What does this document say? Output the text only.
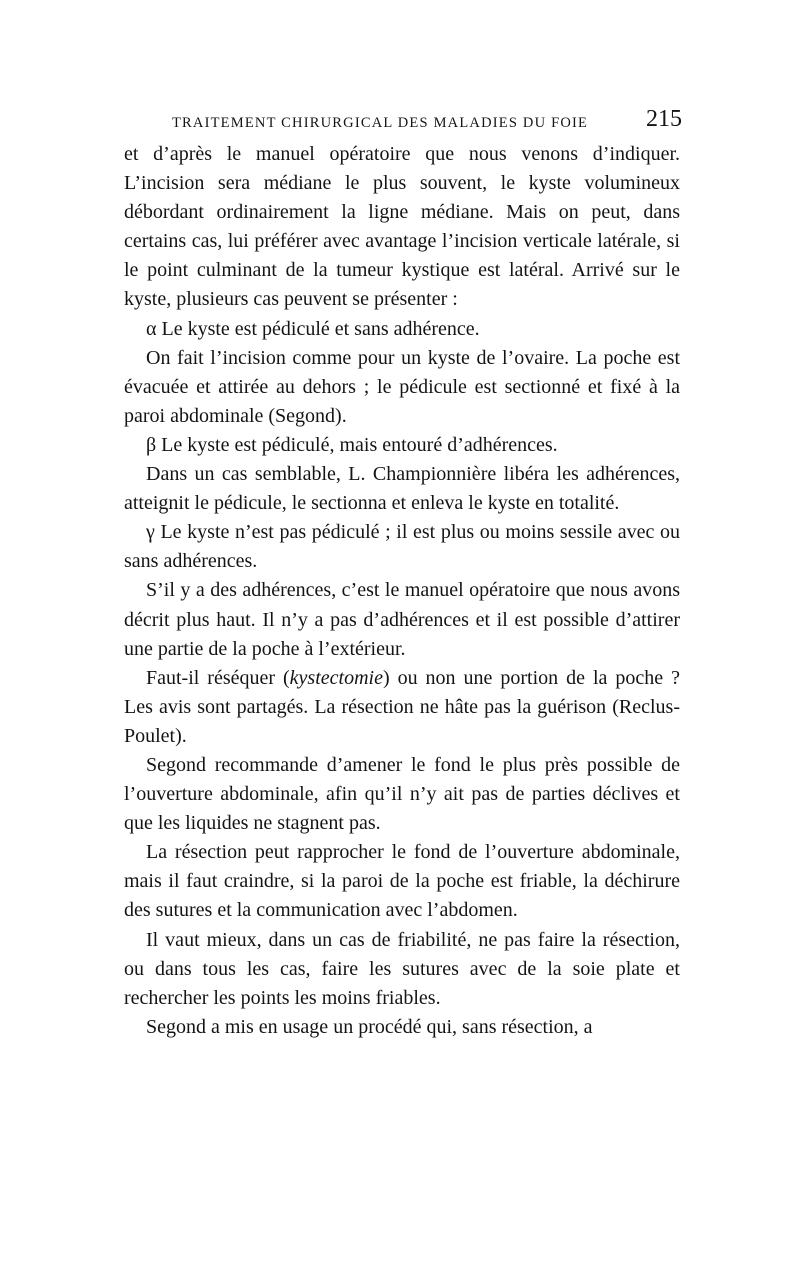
TRAITEMENT CHIRURGICAL DES MALADIES DU FOIE 215

et d’après le manuel opératoire que nous venons d’indiquer. L’incision sera médiane le plus souvent, le kyste volumineux débordant ordinairement la ligne médiane. Mais on peut, dans certains cas, lui préférer avec avantage l’incision verticale latérale, si le point culminant de la tumeur kystique est latéral. Arrivé sur le kyste, plusieurs cas peuvent se présenter :

α Le kyste est pédiculé et sans adhérence.

On fait l’incision comme pour un kyste de l’ovaire. La poche est évacuée et attirée au dehors ; le pédicule est sectionné et fixé à la paroi abdominale (Segond).

β Le kyste est pédiculé, mais entouré d’adhérences.

Dans un cas semblable, L. Championnière libéra les adhérences, atteignit le pédicule, le sectionna et enleva le kyste en totalité.

γ Le kyste n’est pas pédiculé ; il est plus ou moins sessile avec ou sans adhérences.

S’il y a des adhérences, c’est le manuel opératoire que nous avons décrit plus haut. Il n’y a pas d’adhérences et il est possible d’attirer une partie de la poche à l’extérieur.

Faut-il réséquer (kystectomie) ou non une portion de la poche ? Les avis sont partagés. La résection ne hâte pas la guérison (Reclus-Poulet).

Segond recommande d’amener le fond le plus près possible de l’ouverture abdominale, afin qu’il n’y ait pas de parties déclives et que les liquides ne stagnent pas.

La résection peut rapprocher le fond de l’ouverture abdominale, mais il faut craindre, si la paroi de la poche est friable, la déchirure des sutures et la communication avec l’abdomen.

Il vaut mieux, dans un cas de friabilité, ne pas faire la résection, ou dans tous les cas, faire les sutures avec de la soie plate et rechercher les points les moins friables.

Segond a mis en usage un procédé qui, sans résection, a
